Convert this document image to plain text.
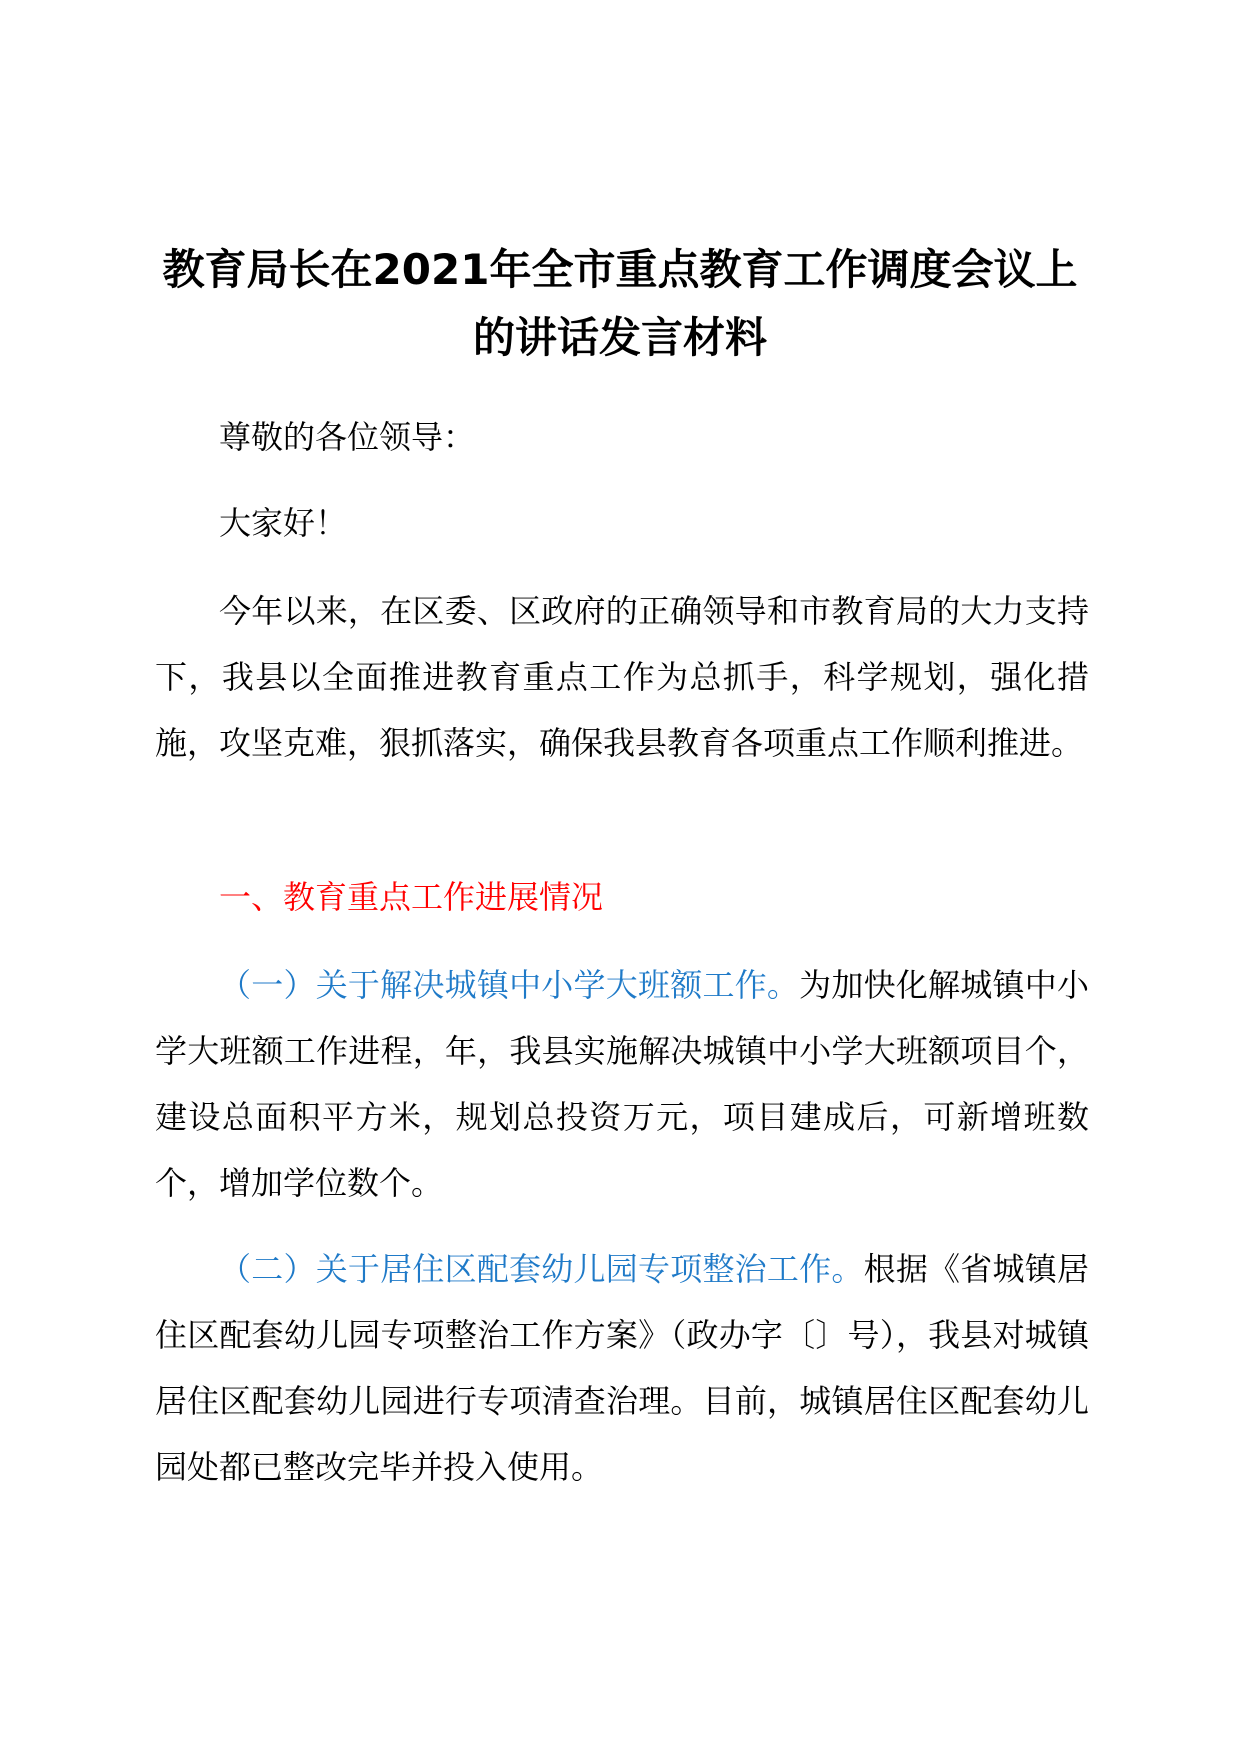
教育局长在2021年全市重点教育工作调度会议上的讲话发言材料

尊敬的各位领导：

大家好！

今年以来，在区委、区政府的正确领导和市教育局的大力支持下，我县以全面推进教育重点工作为总抓手，科学规划，强化措施，攻坚克难，狠抓落实，确保我县教育各项重点工作顺利推进。

一、教育重点工作进展情况

（一）关于解决城镇中小学大班额工作。为加快化解城镇中小学大班额工作进程，年，我县实施解决城镇中小学大班额项目个，建设总面积平方米，规划总投资万元，项目建成后，可新增班数个，增加学位数个。

（二）关于居住区配套幼儿园专项整治工作。根据《省城镇居住区配套幼儿园专项整治工作方案》（政办字〔〕号），我县对城镇居住区配套幼儿园进行专项清查治理。目前，城镇居住区配套幼儿园处都已整改完毕并投入使用。
